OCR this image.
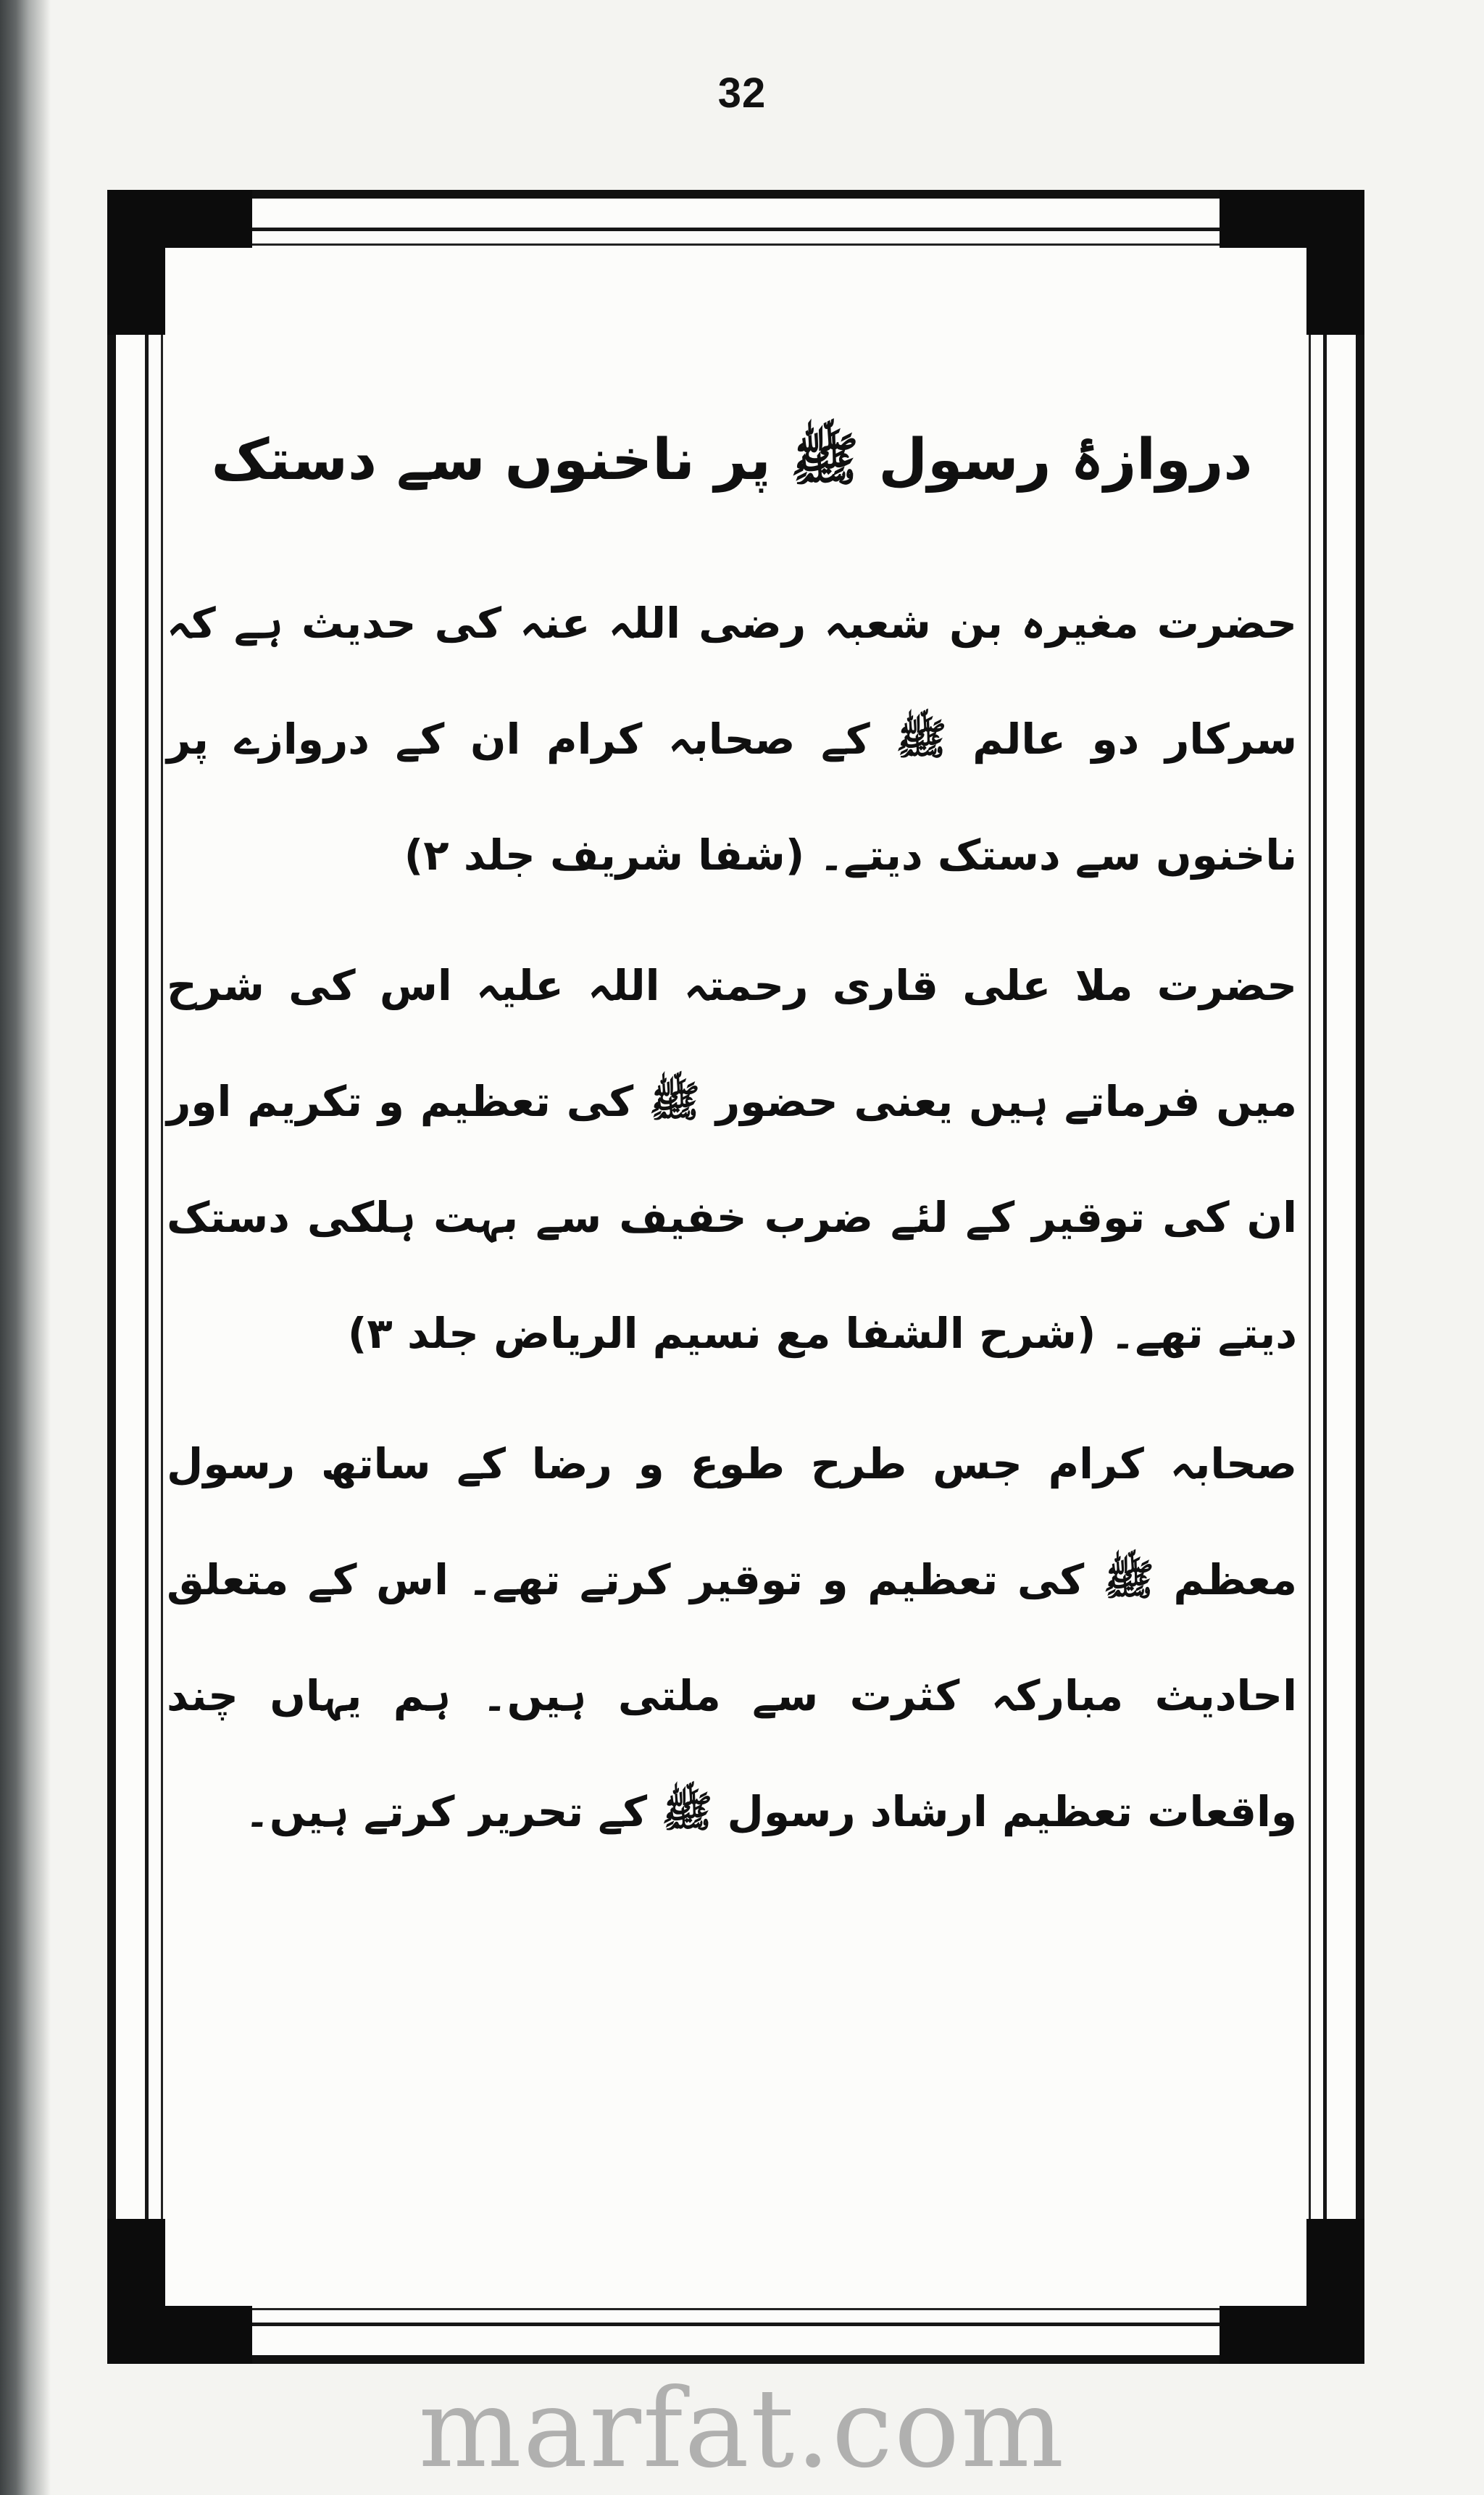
32
دروازۂ رسول ﷺ پر ناخنوں سے دستک

حضرت مغیرہ بن شعبہ رضی اللہ عنہ کی حدیث ہے کہ سرکار دو عالم ﷺ کے صحابہ کرام ان کے دروازے پر ناخنوں سے دستک دیتے۔ (شفا شریف جلد ۲)

حضرت ملا علی قاری رحمتہ اللہ علیہ اس کی شرح میں فرماتے ہیں یعنی حضور ﷺ کی تعظیم و تکریم اور ان کی توقیر کے لئے ضرب خفیف سے بہت ہلکی دستک دیتے تھے۔ (شرح الشفا مع نسیم الریاض جلد ۳)

صحابہ کرام جس طرح طوع و رضا کے ساتھ رسول معظم ﷺ کی تعظیم و توقیر کرتے تھے۔ اس کے متعلق احادیث مبارکہ کثرت سے ملتی ہیں۔ ہم یہاں چند واقعات تعظیم ارشاد رسول ﷺ کے تحریر کرتے ہیں۔

marfat.com
